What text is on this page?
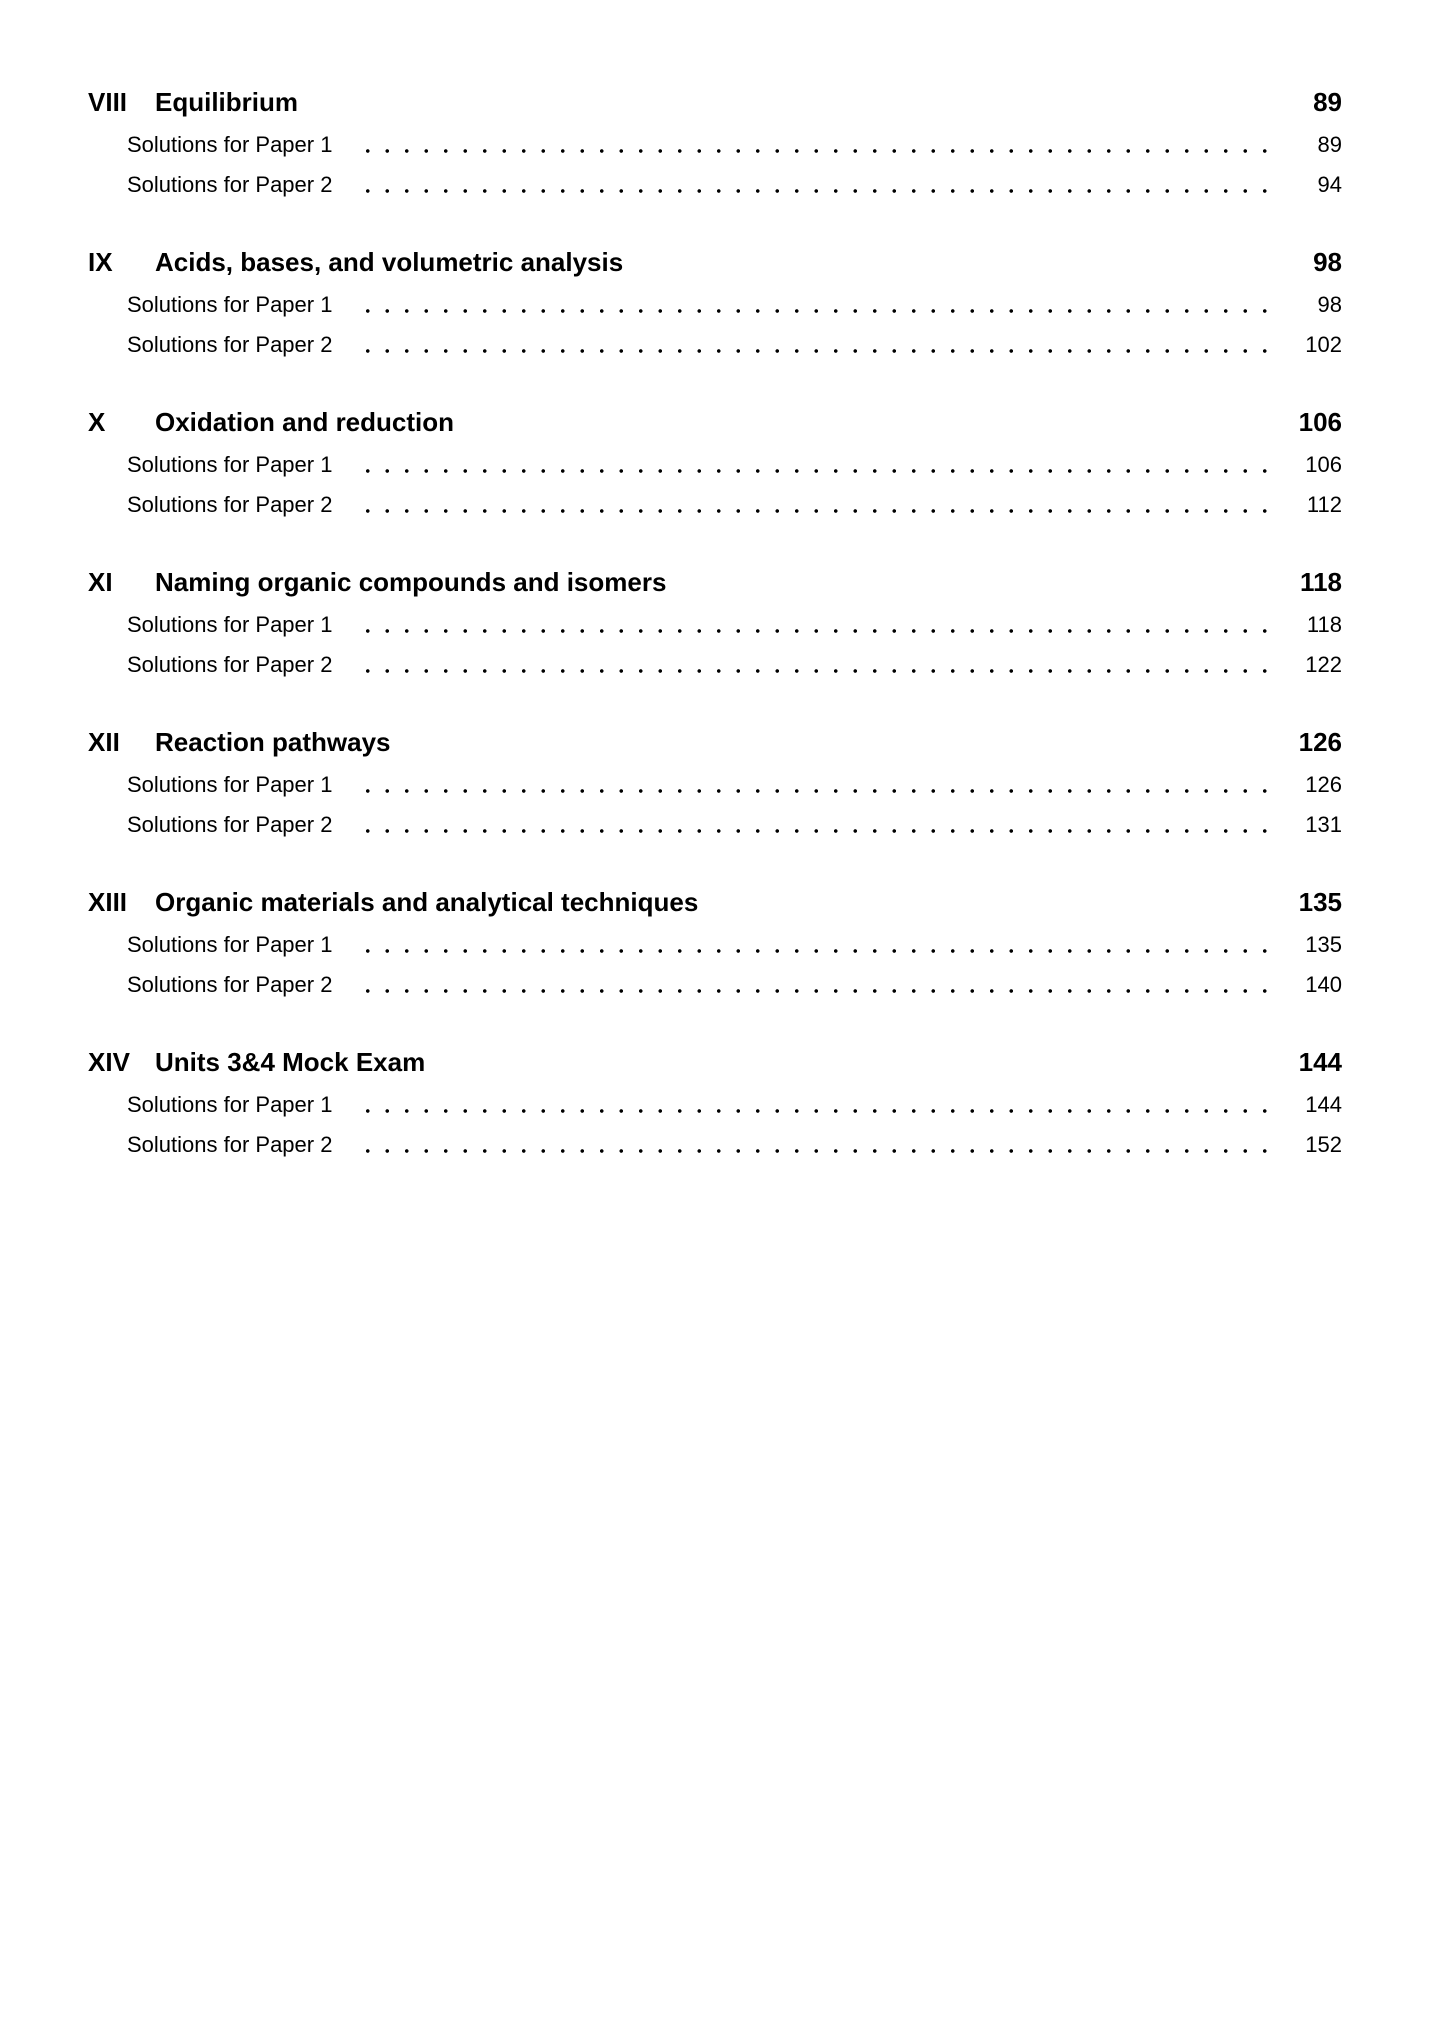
VIII	Equilibrium	89
Solutions for Paper 1	89
Solutions for Paper 2	94
IX	Acids, bases, and volumetric analysis	98
Solutions for Paper 1	98
Solutions for Paper 2	102
X	Oxidation and reduction	106
Solutions for Paper 1	106
Solutions for Paper 2	112
XI	Naming organic compounds and isomers	118
Solutions for Paper 1	118
Solutions for Paper 2	122
XII	Reaction pathways	126
Solutions for Paper 1	126
Solutions for Paper 2	131
XIII	Organic materials and analytical techniques	135
Solutions for Paper 1	135
Solutions for Paper 2	140
XIV Units 3&4 Mock Exam	144
Solutions for Paper 1	144
Solutions for Paper 2	152
